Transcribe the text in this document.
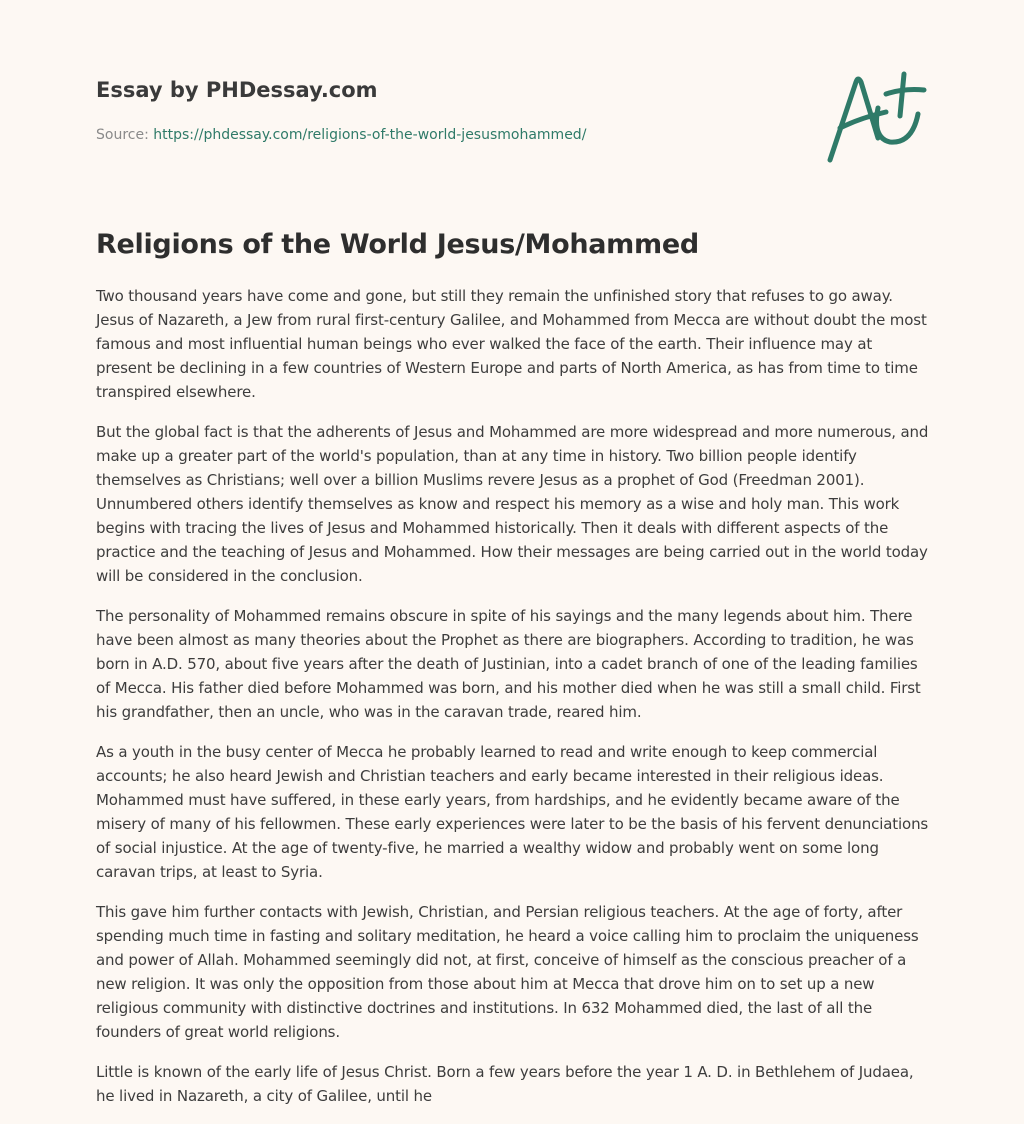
Essay by PHDessay.com
Source: https://phdessay.com/religions-of-the-world-jesusmohammed/
Religions of the World Jesus/Mohammed

Two thousand years have come and gone, but still they remain the unfinished story that refuses to go away. Jesus of Nazareth, a Jew from rural first-century Galilee, and Mohammed from Mecca are without doubt the most famous and most influential human beings who ever walked the face of the earth. Their influence may at present be declining in a few countries of Western Europe and parts of North America, as has from time to time transpired elsewhere.

But the global fact is that the adherents of Jesus and Mohammed are more widespread and more numerous, and make up a greater part of the world's population, than at any time in history. Two billion people identify themselves as Christians; well over a billion Muslims revere Jesus as a prophet of God (Freedman 2001). Unnumbered others identify themselves as know and respect his memory as a wise and holy man. This work begins with tracing the lives of Jesus and Mohammed historically. Then it deals with different aspects of the practice and the teaching of Jesus and Mohammed. How their messages are being carried out in the world today will be considered in the conclusion.

The personality of Mohammed remains obscure in spite of his sayings and the many legends about him. There have been almost as many theories about the Prophet as there are biographers. According to tradition, he was born in A.D. 570, about five years after the death of Justinian, into a cadet branch of one of the leading families of Mecca. His father died before Mohammed was born, and his mother died when he was still a small child. First his grandfather, then an uncle, who was in the caravan trade, reared him.

As a youth in the busy center of Mecca he probably learned to read and write enough to keep commercial accounts; he also heard Jewish and Christian teachers and early became interested in their religious ideas. Mohammed must have suffered, in these early years, from hardships, and he evidently became aware of the misery of many of his fellowmen. These early experiences were later to be the basis of his fervent denunciations of social injustice. At the age of twenty-five, he married a wealthy widow and probably went on some long caravan trips, at least to Syria.

This gave him further contacts with Jewish, Christian, and Persian religious teachers. At the age of forty, after spending much time in fasting and solitary meditation, he heard a voice calling him to proclaim the uniqueness and power of Allah. Mohammed seemingly did not, at first, conceive of himself as the conscious preacher of a new religion. It was only the opposition from those about him at Mecca that drove him on to set up a new religious community with distinctive doctrines and institutions. In 632 Mohammed died, the last of all the founders of great world religions.

Little is known of the early life of Jesus Christ. Born a few years before the year 1 A. D. in Bethlehem of Judaea, he lived in Nazareth, a city of Galilee, until he
